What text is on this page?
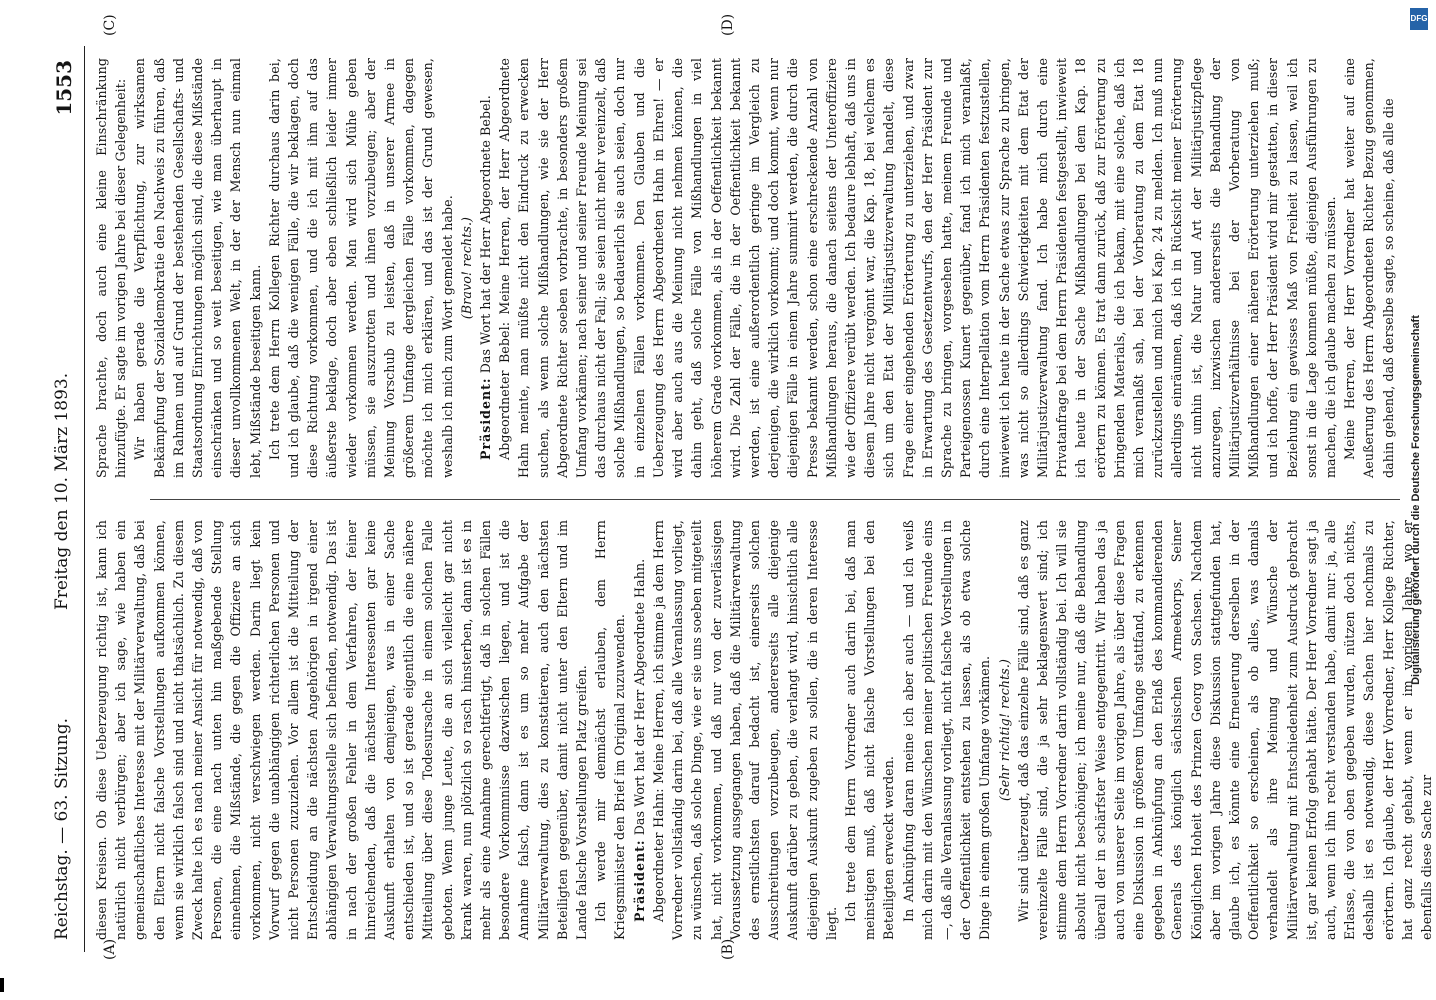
Reichstag. — 63. Sitzung.
Freitag den 10. März 1893.
1553
(A)	(B)
(C)	(D)

diesen Kreisen. Ob diese Ueberzeugung richtig ist, kann ich natürlich nicht verbürgen; aber ich sage, wie haben ein gemeinschaftliches Interesse mit der Militärverwaltung, daß bei den Eltern nicht falsche Vorstellungen aufkommen können, wenn sie wirklich falsch sind und nicht thatsächlich. Zu diesem Zweck halte ich es nach meiner Ansicht für notwendig, daß von Personen, die eine nach unten hin maßgebende Stellung einnehmen, die Mißstände, die gegen die Offiziere an sich vorkommen, nicht verschwiegen werden. Darin liegt kein Vorwurf gegen die unabhängigen richterlichen Personen und nicht Personen zuzuziehen. Vor allem ist die Mitteilung der Entscheidung an die nächsten Angehörigen in irgend einer abhängigen Verwaltungsstelle sich befinden, notwendig. Das ist in nach der großen Fehler in dem Verfahren, der feiner hinreichenden, daß die nächsten Interessenten gar keine Auskunft erhalten von demjenigen, was in einer Sache entschieden ist, und so ist gerade eigentlich die eine nähere Mitteilung über diese Todesursache in einem solchen Falle geboten. Wenn junge Leute, die an sich vielleicht gar nicht krank waren, nun plötzlich so rasch hinsterben, dann ist es in mehr als eine Annahme gerechtfertigt, daß in solchen Fällen besondere Vorkommnisse dazwischen liegen, und ist die Annahme falsch, dann ist es um so mehr Aufgabe der Militärverwaltung, dies zu konstatieren, auch den nächsten Beteiligten gegenüber, damit nicht unter den Eltern und im Lande falsche Vorstellungen Platz greifen. Ich werde mir demnächst erlauben, dem Herrn Kriegsminister den Brief im Original zuzuwenden. Präsident: Das Wort hat der Herr Abgeordnete Hahn. Abgeordneter Hahn: Meine Herren, ich stimme ja dem Herrn Vorredner vollständig darin bei, daß alle Veranlassung vorliegt, zu wünschen, daß solche Dinge, wie er sie uns soeben mitgeteilt hat, nicht vorkommen, und daß nur von der zuverlässigen Voraussetzung ausgegangen haben, daß die Militärverwaltung des ernstlichsten darauf bedacht ist, einerseits solchen Ausschreitungen vorzubeugen, andererseits alle diejenige Auskunft darüber zu geben, die verlangt wird, hinsichtlich alle diejenigen Auskunft zugeben zu sollen, die in deren Interesse liegt.

Ich trete dem Herrn Vorredner auch darin bei, daß man meinstigen muß, daß nicht falsche Vorstellungen bei den Beteiligten erweckt werden. In Anknüpfung daran meine ich aber auch — und ich weiß mich darin mit den Wünschen meiner politischen Freunde eins —, daß alle Veranlassung vorliegt, nicht falsche Vorstellungen in der Oeffentlichkeit entstehen zu lassen, als ob etwa solche Dinge in einem großen Umfange vorkämen. (Sehr richtig! rechts.) Wir sind überzeugt, daß das einzelne Fälle sind, daß es ganz vereinzelte Fälle sind, die ja sehr beklagenswert sind; ich stimme dem Herrn Vorredner darin vollständig bei. Ich will sie absolut nicht beschönigen; ich meine nur, daß die Behandlung überall der in schärfster Weise entgegentritt. Wir haben das ja auch von unserer Seite im vorigen Jahre, als über diese Fragen eine Diskussion in größerem Umfange stattfand, zu erkennen gegeben in Anknüpfung an den Erlaß des kommandierenden Generals des königlich sächsischen Armeekorps, Seiner Königlichen Hoheit des Prinzen Georg von Sachsen. Nachdem aber im vorigen Jahre diese Diskussion stattgefunden hat, glaube ich, es könnte eine Erneuerung derselben in der Oeffentlichkeit so erscheinen, als ob alles, was damals verhandelt als ihre Meinung und Wünsche der Militärverwaltung mit Entschiedenheit zum Ausdruck gebracht ist, gar keinen Erfolg gehabt hätte. Der Herr Vorredner sagt ja auch, wenn ich ihn recht verstanden habe, damit nur: ja, alle Erlasse, die von oben gegeben wurden, nützen doch nichts, deshalb ist es notwendig, diese Sachen hier nochmals zu erörtern. Ich glaube, der Herr Vorredner, Herr Kollege Richter, hat ganz recht gehabt, wenn er im vorigen Jahre, wo er ebenfalls diese Sache zur

Sprache brachte, doch auch eine kleine Einschränkung hinzufügte. Er sagte im vorigen Jahre bei dieser Gelegenheit: Wir haben gerade die Verpflichtung, zur wirksamen Bekämpfung der Sozialdemokratie den Nachweis zu führen, daß im Rahmen und auf Grund der bestehenden Gesellschafts- und Staatsordnung Einrichtungen möglich sind, die diese Mißstände einschränken und so weit beseitigen, wie man überhaupt in dieser unvollkommenen Welt, in der der Mensch nun einmal lebt, Mißstände beseitigen kann. Ich trete dem Herrn Kollegen Richter durchaus darin bei, und ich glaube, daß die wenigen Fälle, die wir beklagen, doch diese Richtung vorkommen, und die ich mit ihm auf das äußerste beklage, doch aber eben schließlich leider immer wieder vorkommen werden. Man wird sich Mühe geben müssen, sie auszurotten und ihnen vorzubeugen; aber der Meinung Vorschub zu leisten, daß in unserer Armee in größerem Umfange dergleichen Fälle vorkommen, dagegen möchte ich mich erklären, und das ist der Grund gewesen, weshalb ich mich zum Wort gemeldet habe. (Bravo! rechts.)

Präsident: Das Wort hat der Herr Abgeordnete Bebel. Abgeordneter Bebel: Meine Herren, der Herr Abgeordnete Hahn meinte, man müßte nicht den Eindruck zu erwecken suchen, als wenn solche Mißhandlungen, wie sie der Herr Abgeordnete Richter soeben vorbrachte, in besonders großem Umfang vorkämen; nach seiner und seiner Freunde Meinung sei das durchaus nicht der Fall; sie seien nicht mehr vereinzelt, daß solche Mißhandlungen, so bedauerlich sie auch seien, doch nur in einzelnen Fällen vorkommen. Den Glauben und die Ueberzeugung des Herrn Abgeordneten Hahn in Ehren! — er wird aber auch aus die Meinung nicht nehmen können, die dahin geht, daß solche Fälle von Mißhandlungen in viel höherem Grade vorkommen, als in der Oeffentlichkeit bekannt wird. Die Zahl der Fälle, die in der Oeffentlichkeit bekannt werden, ist eine außerordentlich geringe im Vergleich zu derjenigen, die wirklich vorkommt; und doch kommt, wenn nur diejenigen Fälle in einem Jahre summirt werden, die durch die Presse bekannt werden, schon eine erschreckende Anzahl von Mißhandlungen heraus, die danach seitens der Unteroffiziere wie der Offiziere verübt werden. Ich bedaure lebhaft, daß uns in diesem Jahre nicht vergönnt war, die Kap. 18, bei welchem es sich um den Etat der Militärjustizverwaltung handelt, diese Frage einer eingehenden Erörterung zu unterziehen, und zwar in Erwartung des Gesetzentwurfs, den der Herr Präsident zur Sprache zu bringen, vorgesehen hatte, meinem Freunde und Parteigenossen Kunert gegenüber, fand ich mich veranlaßt, durch eine Interpellation vom Herrn Präsidenten festzustellen, inwieweit ich heute in der Sache etwas zur Sprache zu bringen, was nicht so allerdings Schwierigkeiten mit dem Etat der Militärjustizverwaltung fand. Ich habe mich durch eine Privatanfrage bei dem Herrn Präsidenten festgestellt, inwieweit ich heute in der Sache Mißhandlungen bei dem Kap. 18 erörtern zu können. Es trat dann zurück, daß zur Erörterung zu bringenden Materials, die ich bekam, mit eine solche, daß ich mich veranlaßt sah, bei der Vorberatung zu dem Etat 18 zurückzustellen und mich bei Kap. 24 zu melden. Ich muß nun allerdings einräumen, daß ich in Rücksicht meiner Erörterung nicht umhin ist, die Natur und Art der Militärjustizpflege anzuregen, inzwischen andererseits die Behandlung der Militärjustizverhältnisse bei der Vorberatung von Mißhandlungen einer näheren Erörterung unterziehen muß; und ich hoffe, der Herr Präsident wird mir gestatten, in dieser Beziehung ein gewisses Maß von Freiheit zu lassen, weil ich sonst in die Lage kommen müßte, diejenigen Ausführungen zu machen, die ich glaube machen zu müssen. Meine Herren, der Herr Vorredner hat weiter auf eine Aeußerung des Herrn Abgeordneten Richter Bezug genommen, dahin gehend, daß derselbe sagte, so scheine, daß alle die

Digitalisierung gefördert durch die Deutsche Forschungsgemeinschaft
DFG
